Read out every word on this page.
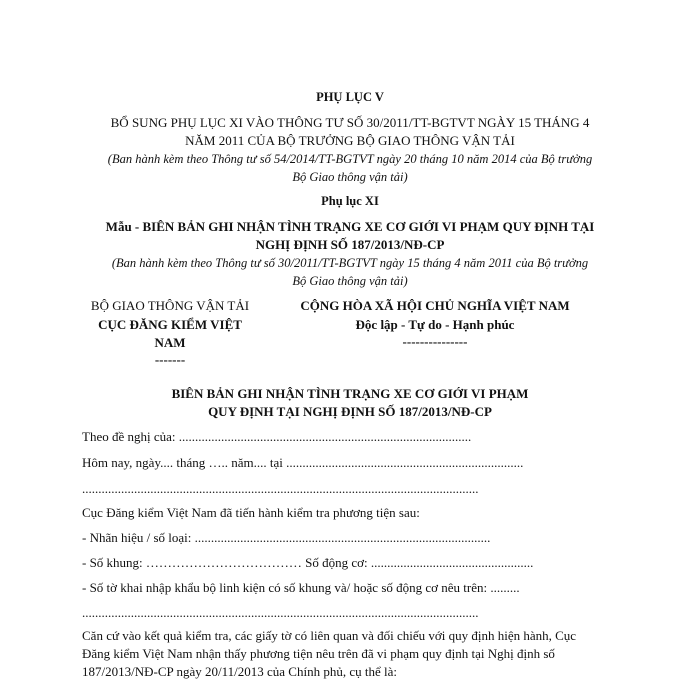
PHỤ LỤC V
BỔ SUNG PHỤ LỤC XI VÀO THÔNG TƯ SỐ 30/2011/TT-BGTVT NGÀY 15 THÁNG 4
NĂM 2011 CỦA BỘ TRƯỞNG BỘ GIAO THÔNG VẬN TẢI
(Ban hành kèm theo Thông tư số 54/2014/TT-BGTVT ngày 20 tháng 10 năm 2014 của Bộ trưởng
Bộ Giao thông vận tải)
Phụ lục XI
Mẫu - BIÊN BẢN GHI NHẬN TÌNH TRẠNG XE CƠ GIỚI VI PHẠM QUY ĐỊNH TẠI
NGHỊ ĐỊNH SỐ 187/2013/NĐ-CP
(Ban hành kèm theo Thông tư số 30/2011/TT-BGTVT ngày 15 tháng 4 năm 2011 của Bộ trưởng
Bộ Giao thông vận tải)
BỘ GIAO THÔNG VẬN TẢI
CỤC ĐĂNG KIỂM VIỆT
NAM
-------
CỘNG HÒA XÃ HỘI CHỦ NGHĨA VIỆT NAM
Độc lập - Tự do - Hạnh phúc
---------------
BIÊN BẢN GHI NHẬN TÌNH TRẠNG XE CƠ GIỚI VI PHẠM
QUY ĐỊNH TẠI NGHỊ ĐỊNH SỐ 187/2013/NĐ-CP
Theo đề nghị của: ..........................................................................................
Hôm nay, ngày.... tháng ….. năm.... tại .........................................................................
..........................................................................................................................
Cục Đăng kiểm Việt Nam đã tiến hành kiểm tra phương tiện sau:
- Nhãn hiệu / số loại: ...........................................................................................
- Số khung: ……………………………… Số động cơ: ..................................................
- Số tờ khai nhập khẩu bộ linh kiện có số khung và/ hoặc số động cơ nêu trên: .........
..........................................................................................................................
Căn cứ vào kết quả kiểm tra, các giấy tờ có liên quan và đối chiếu với quy định hiện hành, Cục
Đăng kiểm Việt Nam nhận thấy phương tiện nêu trên đã vi phạm quy định tại Nghị định số
187/2013/NĐ-CP ngày 20/11/2013 của Chính phủ, cụ thể là:
